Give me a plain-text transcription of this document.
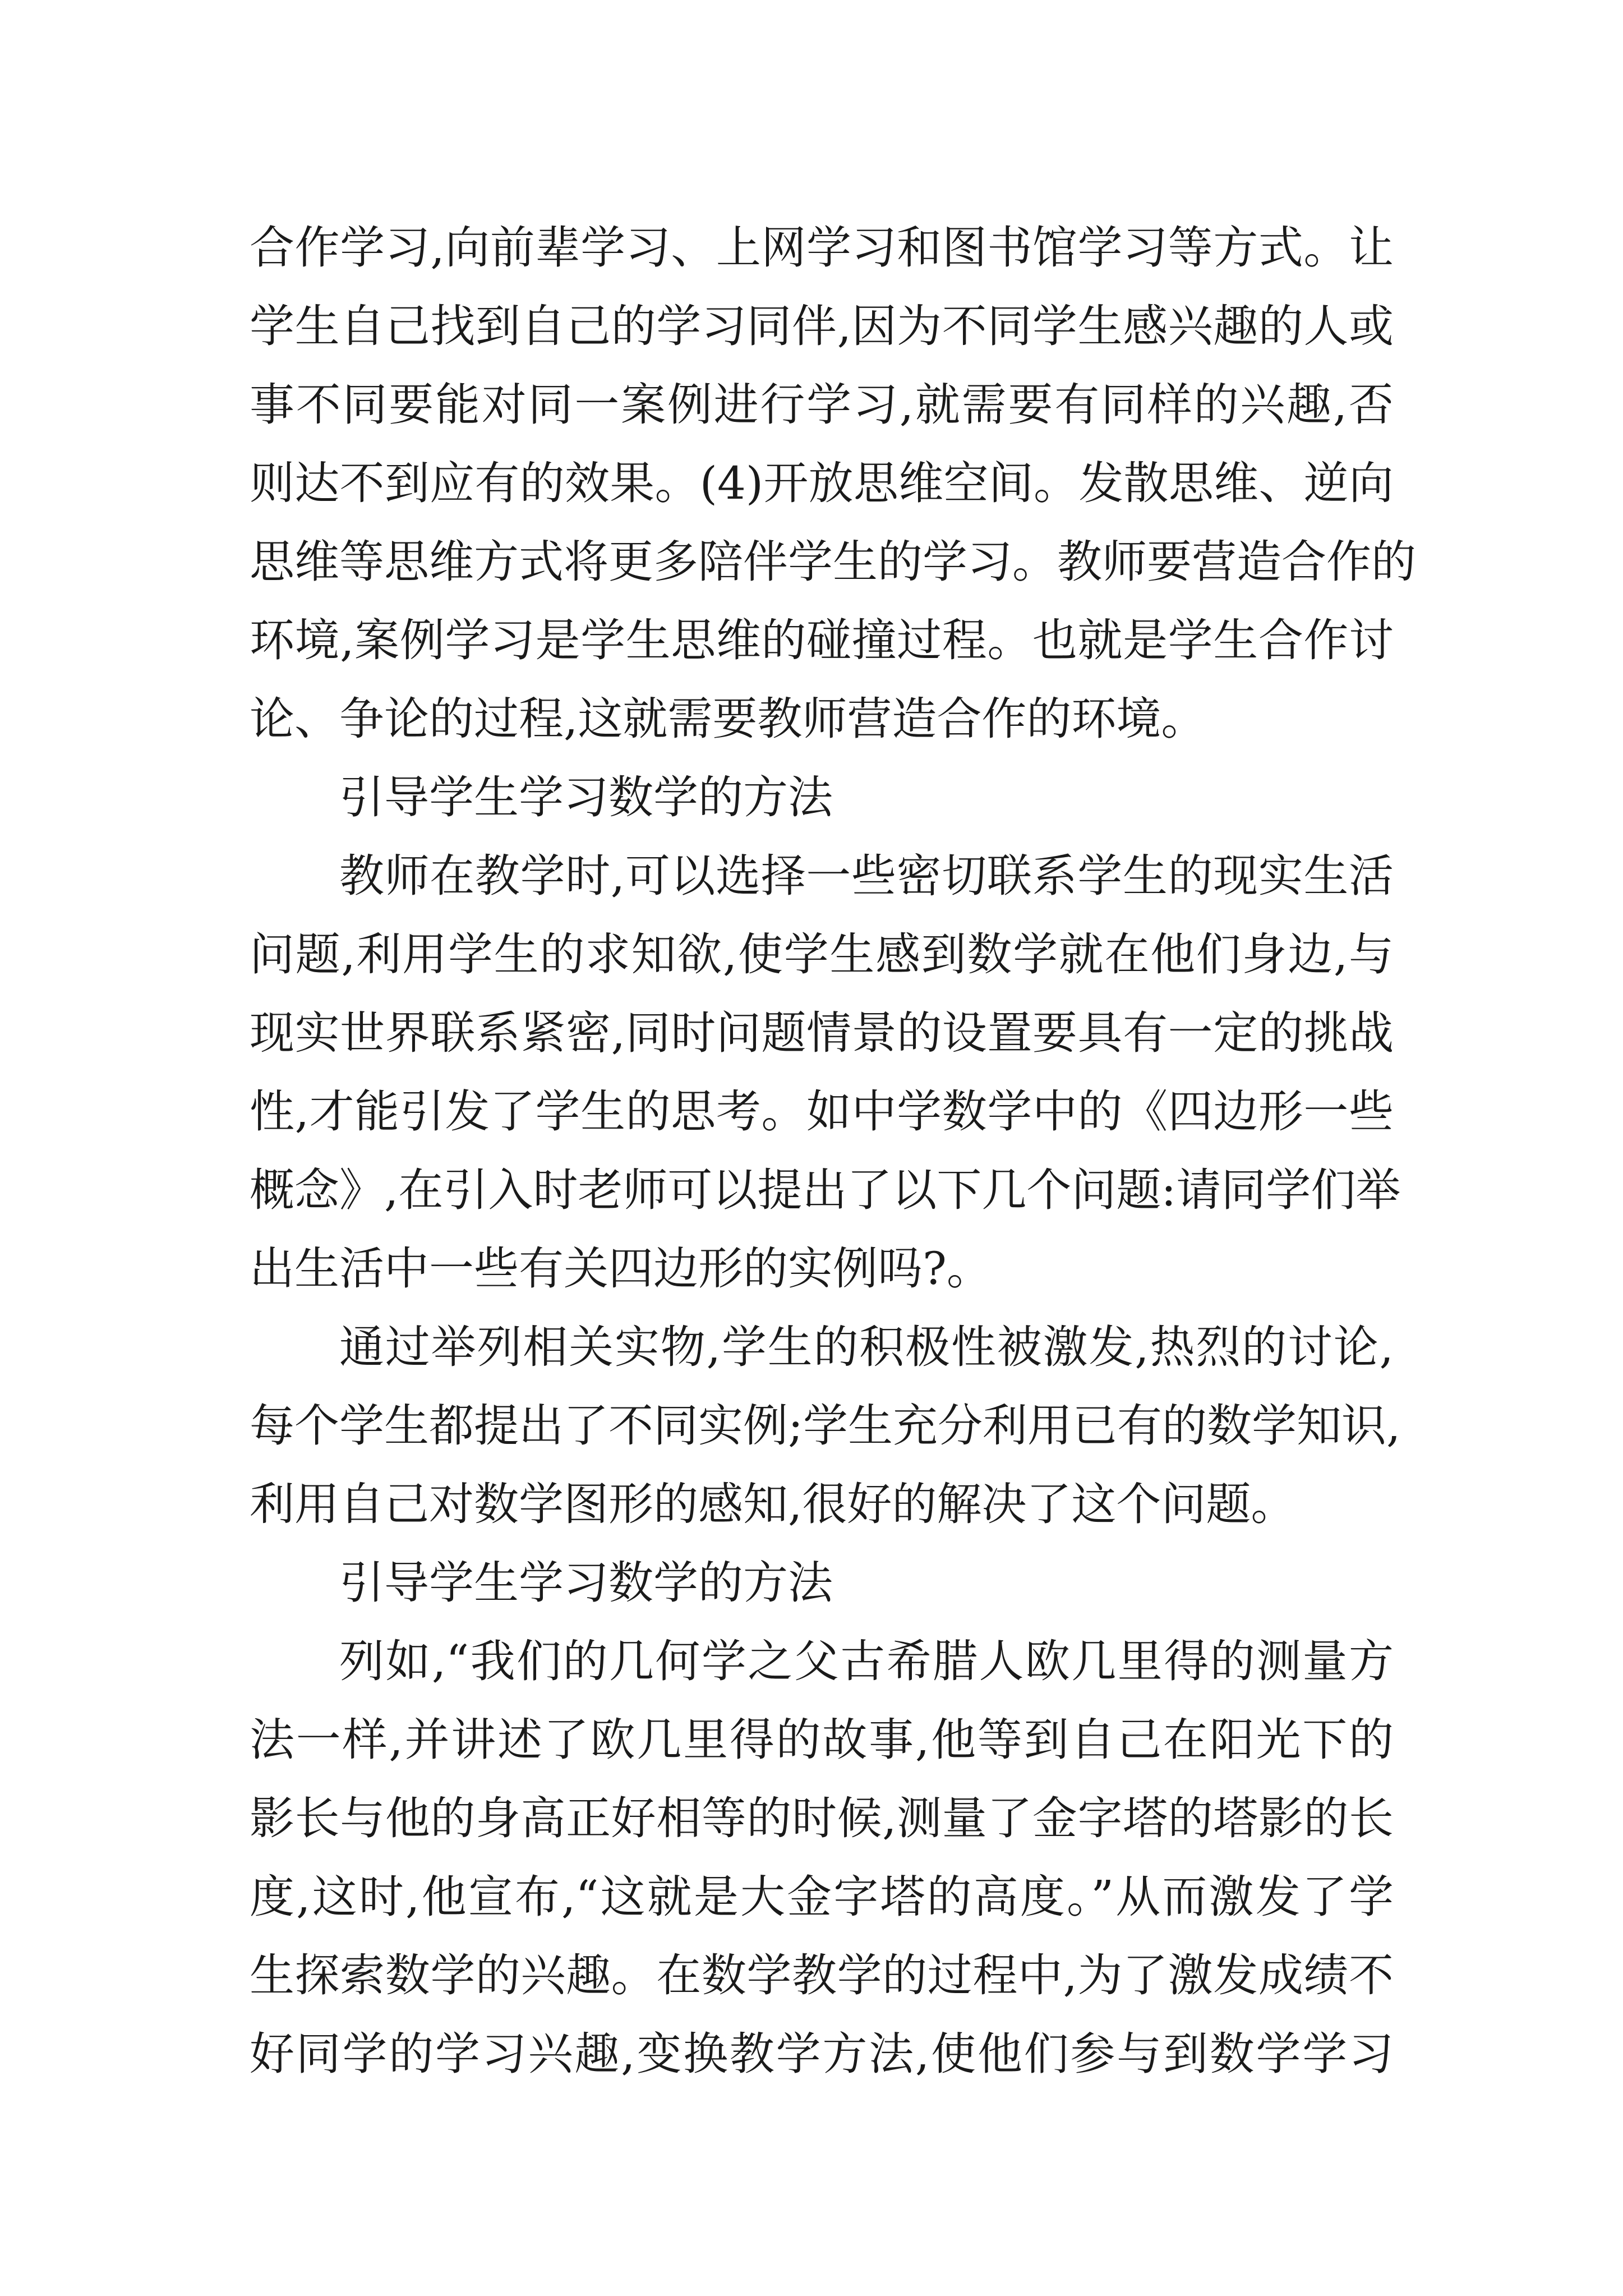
合作学习,向前辈学习、上网学习和图书馆学习等方式。让
学生自己找到自己的学习同伴,因为不同学生感兴趣的人或
事不同要能对同一案例进行学习,就需要有同样的兴趣,否
则达不到应有的效果。(4)开放思维空间。发散思维、逆向
思维等思维方式将更多陪伴学生的学习。教师要营造合作的
环境,案例学习是学生思维的碰撞过程。也就是学生合作讨
论、争论的过程,这就需要教师营造合作的环境。
引导学生学习数学的方法
教师在教学时,可以选择一些密切联系学生的现实生活
问题,利用学生的求知欲,使学生感到数学就在他们身边,与
现实世界联系紧密,同时问题情景的设置要具有一定的挑战
性,才能引发了学生的思考。如中学数学中的《四边形一些
概念》,在引入时老师可以提出了以下几个问题:请同学们举
出生活中一些有关四边形的实例吗?。
通过举列相关实物,学生的积极性被激发,热烈的讨论,
每个学生都提出了不同实例;学生充分利用已有的数学知识,
利用自己对数学图形的感知,很好的解决了这个问题。
引导学生学习数学的方法
列如,“我们的几何学之父古希腊人欧几里得的测量方
法一样,并讲述了欧几里得的故事,他等到自己在阳光下的
影长与他的身高正好相等的时候,测量了金字塔的塔影的长
度,这时,他宣布,“这就是大金字塔的高度。”从而激发了学
生探索数学的兴趣。在数学教学的过程中,为了激发成绩不
好同学的学习兴趣,变换教学方法,使他们参与到数学学习
